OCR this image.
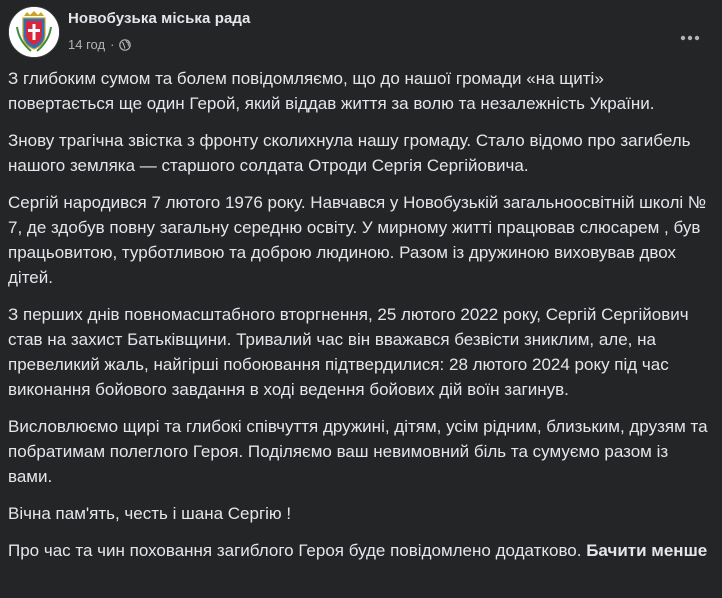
Новобузька міська рада
14 год ·

З глибоким сумом та болем повідомляємо, що до нашої громади «на щиті» повертається ще один Герой, який віддав життя за волю та незалежність України.

Знову трагічна звістка з фронту сколихнула нашу громаду. Стало відомо про загибель нашого земляка — старшого солдата Отроди Сергія Сергійовича.

Сергій народився 7 лютого 1976 року. Навчався у Новобузькій загальноосвітній школі № 7, де здобув повну загальну середню освіту. У мирному житті працював слюсарем , був працьовитою, турботливою та доброю людиною. Разом із дружиною виховував двох дітей.

З перших днів повномасштабного вторгнення, 25 лютого 2022 року, Сергій Сергійович став на захист Батьківщини. Тривалий час він вважався безвісти зниклим, але, на превеликий жаль, найгірші побоювання підтвердилися: 28 лютого 2024 року під час виконання бойового завдання в ході ведення бойових дій воїн загинув.

Висловлюємо щирі та глибокі співчуття дружині, дітям, усім рідним, близьким, друзям та побратимам полеглого Героя. Поділяємо ваш невимовний біль та сумуємо разом із вами.

Вічна пам'ять, честь і шана Сергію !

Про час та чин поховання загиблого Героя буде повідомлено додатково. Бачити менше
